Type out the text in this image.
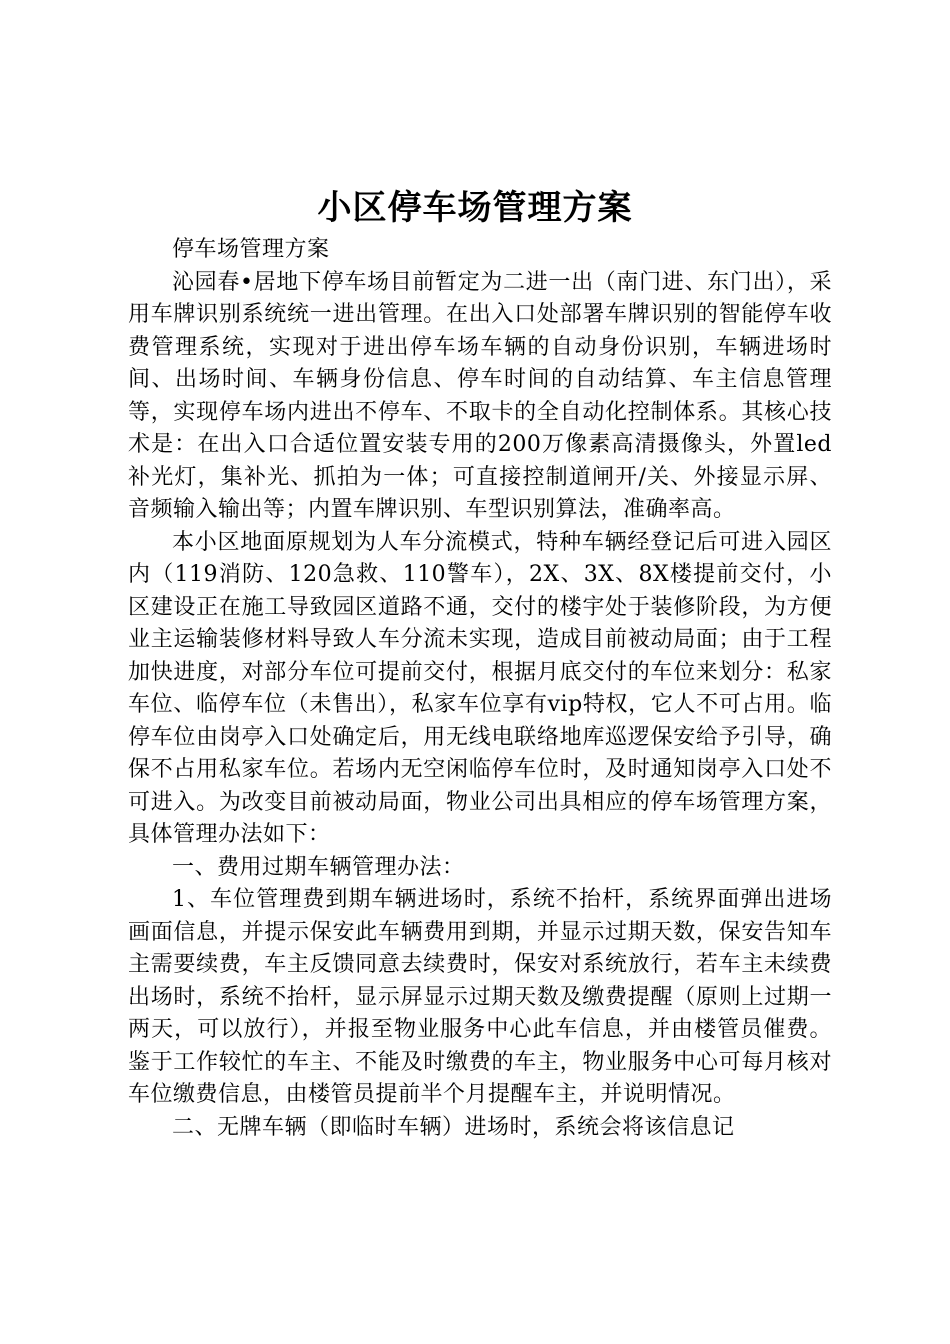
小区停车场管理方案

停车场管理方案

沁园春•居地下停车场目前暂定为二进一出（南门进、东门出），采用车牌识别系统统一进出管理。在出入口处部署车牌识别的智能停车收费管理系统，实现对于进出停车场车辆的自动身份识别，车辆进场时间、出场时间、车辆身份信息、停车时间的自动结算、车主信息管理等，实现停车场内进出不停车、不取卡的全自动化控制体系。其核心技术是：在出入口合适位置安装专用的200万像素高清摄像头，外置led补光灯，集补光、抓拍为一体；可直接控制道闸开/关、外接显示屏、音频输入输出等；内置车牌识别、车型识别算法，准确率高。

本小区地面原规划为人车分流模式，特种车辆经登记后可进入园区内（119消防、120急救、110警车），2X、3X、8X楼提前交付，小区建设正在施工导致园区道路不通，交付的楼宇处于装修阶段，为方便业主运输装修材料导致人车分流未实现，造成目前被动局面；由于工程加快进度，对部分车位可提前交付，根据月底交付的车位来划分：私家车位、临停车位（未售出），私家车位享有vip特权，它人不可占用。临停车位由岗亭入口处确定后，用无线电联络地库巡逻保安给予引导，确保不占用私家车位。若场内无空闲临停车位时，及时通知岗亭入口处不可进入。为改变目前被动局面，物业公司出具相应的停车场管理方案，具体管理办法如下：

一、费用过期车辆管理办法：

1、车位管理费到期车辆进场时，系统不抬杆，系统界面弹出进场画面信息，并提示保安此车辆费用到期，并显示过期天数，保安告知车主需要续费，车主反馈同意去续费时，保安对系统放行，若车主未续费出场时，系统不抬杆，显示屏显示过期天数及缴费提醒（原则上过期一两天，可以放行），并报至物业服务中心此车信息，并由楼管员催费。鉴于工作较忙的车主、不能及时缴费的车主，物业服务中心可每月核对车位缴费信息，由楼管员提前半个月提醒车主，并说明情况。

二、无牌车辆（即临时车辆）进场时，系统会将该信息记
